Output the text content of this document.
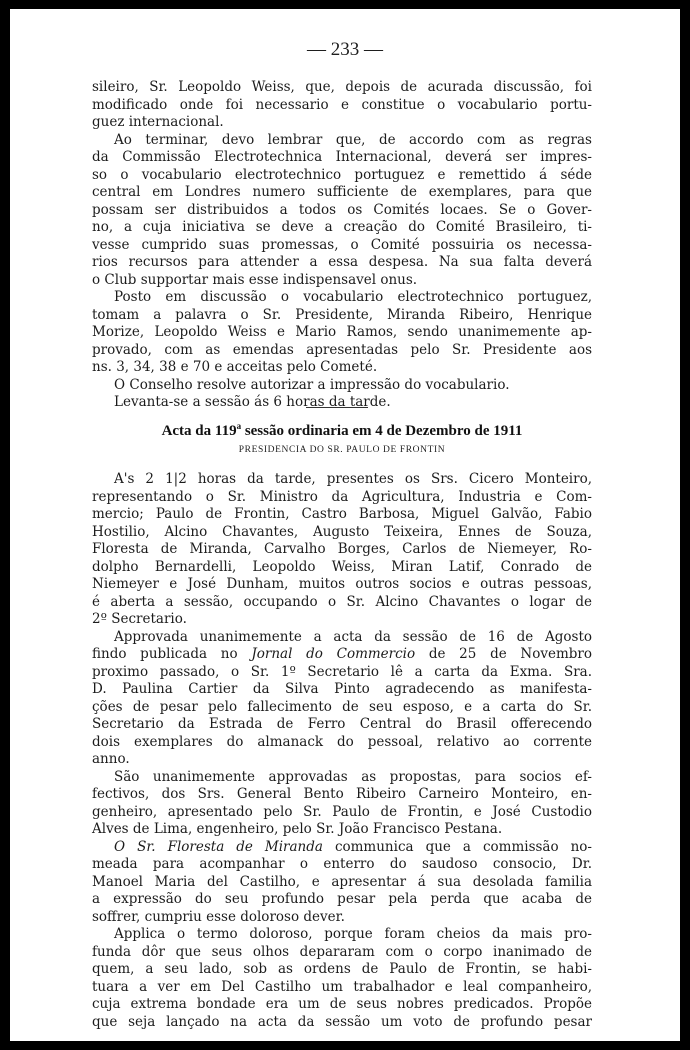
— 233 —
sileiro, Sr. Leopoldo Weiss, que, depois de acurada discussão, foi
modificado onde foi necessario e constitue o vocabulario portu-
guez internacional.
Ao terminar, devo lembrar que, de accordo com as regras
da Commissão Electrotechnica Internacional, deverá ser impres-
so o vocabulario electrotechnico portuguez e remettido á séde
central em Londres numero sufficiente de exemplares, para que
possam ser distribuidos a todos os Comités locaes. Se o Gover-
no, a cuja iniciativa se deve a creação do Comité Brasileiro, ti-
vesse cumprido suas promessas, o Comité possuiria os necessa-
rios recursos para attender a essa despesa. Na sua falta deverá
o Club supportar mais esse indispensavel onus.
Posto em discussão o vocabulario electrotechnico portuguez,
tomam a palavra o Sr. Presidente, Miranda Ribeiro, Henrique
Morize, Leopoldo Weiss e Mario Ramos, sendo unanimemente ap-
provado, com as emendas apresentadas pelo Sr. Presidente aos
ns. 3, 34, 38 e 70 e acceitas pelo Cometé.
O Conselho resolve autorizar a impressão do vocabulario.
Levanta-se a sessão ás 6 horas da tarde.
Acta da 119$^a$ sessão ordinaria em 4 de Dezembro de 1911
PRESIDENCIA DO SR. PAULO DE FRONTIN
A's 2 1|2 horas da tarde, presentes os Srs. Cicero Monteiro,
representando o Sr. Ministro da Agricultura, Industria e Com-
mercio; Paulo de Frontin, Castro Barbosa, Miguel Galvão, Fabio
Hostilio, Alcino Chavantes, Augusto Teixeira, Ennes de Souza,
Floresta de Miranda, Carvalho Borges, Carlos de Niemeyer, Ro-
dolpho Bernardelli, Leopoldo Weiss, Miran Latif, Conrado de
Niemeyer e José Dunham, muitos outros socios e outras pessoas,
é aberta a sessão, occupando o Sr. Alcino Chavantes o logar de
2º Secretario.
Approvada unanimemente a acta da sessão de 16 de Agosto
findo publicada no Jornal do Commercio de 25 de Novembro
proximo passado, o Sr. 1º Secretario lê a carta da Exma. Sra.
D. Paulina Cartier da Silva Pinto agradecendo as manifesta-
ções de pesar pelo fallecimento de seu esposo, e a carta do Sr.
Secretario da Estrada de Ferro Central do Brasil offerecendo
dois exemplares do almanack do pessoal, relativo ao corrente
anno.
São unanimemente approvadas as propostas, para socios ef-
fectivos, dos Srs. General Bento Ribeiro Carneiro Monteiro, en-
genheiro, apresentado pelo Sr. Paulo de Frontin, e José Custodio
Alves de Lima, engenheiro, pelo Sr. João Francisco Pestana.
O Sr. Floresta de Miranda communica que a commissão no-
meada para acompanhar o enterro do saudoso consocio, Dr.
Manoel Maria del Castilho, e apresentar á sua desolada familia
a expressão do seu profundo pesar pela perda que acaba de
soffrer, cumpriu esse doloroso dever.
Applica o termo doloroso, porque foram cheios da mais pro-
funda dôr que seus olhos depararam com o corpo inanimado de
quem, a seu lado, sob as ordens de Paulo de Frontin, se habi-
tuara a ver em Del Castilho um trabalhador e leal companheiro,
cuja extrema bondade era um de seus nobres predicados. Propõe
que seja lançado na acta da sessão um voto de profundo pesar
